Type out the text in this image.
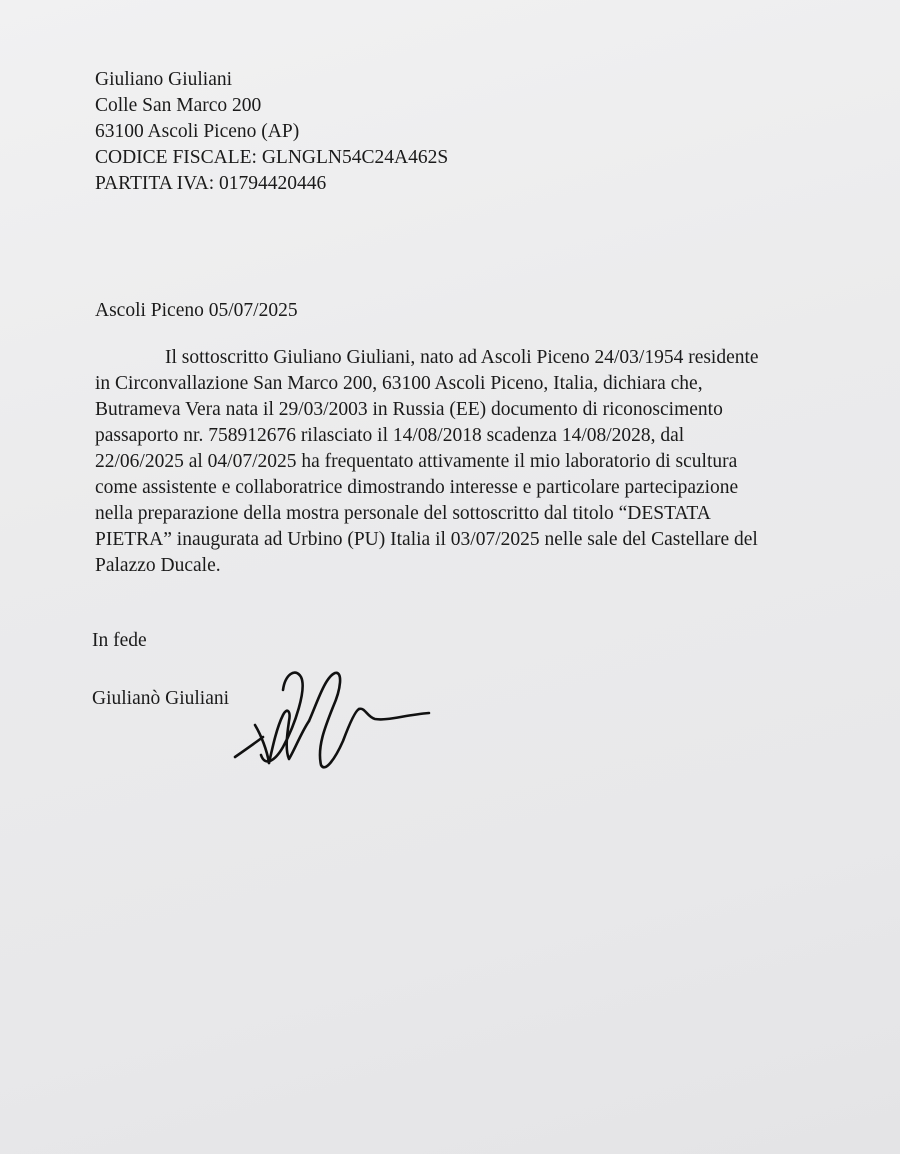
Giuliano Giuliani
Colle San Marco 200
63100 Ascoli Piceno (AP)
CODICE FISCALE: GLNGLN54C24A462S
PARTITA IVA: 01794420446
Ascoli Piceno 05/07/2025
Il sottoscritto Giuliano Giuliani, nato ad Ascoli Piceno 24/03/1954 residente
in Circonvallazione San Marco 200, 63100 Ascoli Piceno, Italia, dichiara che,
Butrameva Vera nata il 29/03/2003 in Russia (EE) documento di riconoscimento
passaporto nr. 758912676 rilasciato il 14/08/2018 scadenza 14/08/2028, dal
22/06/2025 al 04/07/2025 ha frequentato attivamente il mio laboratorio di scultura
come assistente e collaboratrice dimostrando interesse e particolare partecipazione
nella preparazione della mostra personale del sottoscritto dal titolo “DESTATA
PIETRA” inaugurata ad Urbino (PU) Italia il 03/07/2025 nelle sale del Castellare del
Palazzo Ducale.
In fede
Giulianò Giuliani
